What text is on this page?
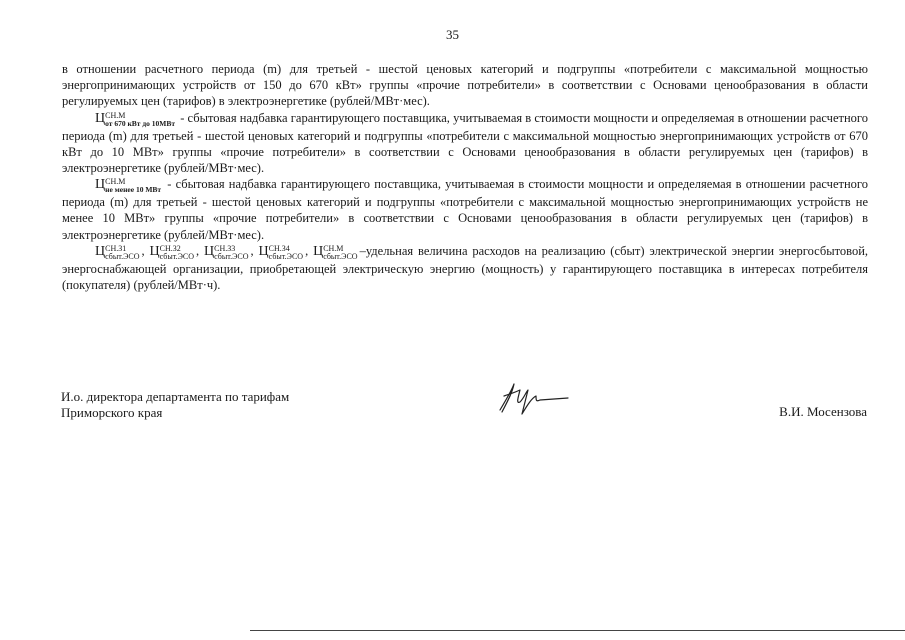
35

в отношении расчетного периода (m) для третьей - шестой ценовых категорий и подгруппы «потребители с максимальной мощностью энергопринимающих устройств от 150 до 670 кВт» группы «прочие потребители» в соответствии с Основами ценообразования в области регулируемых цен (тарифов) в электроэнергетике (рублей/МВт·мес).

Ц СН.М
от 670 кВт до 10МВт - сбытовая надбавка гарантирующего поставщика, учитываемая в стоимости мощности и определяемая в отношении расчетного периода (m) для третьей - шестой ценовых категорий и подгруппы «потребители с максимальной мощностью энергопринимающих устройств от 670 кВт до 10 МВт» группы «прочие потребители» в соответствии с Основами ценообразования в области регулируемых цен (тарифов) в электроэнергетике (рублей/МВт·мес).

Ц СН.М
не менее 10 МВт - сбытовая надбавка гарантирующего поставщика, учитываемая в стоимости мощности и определяемая в отношении расчетного периода (m) для третьей - шестой ценовых категорий и подгруппы «потребители с максимальной мощностью энергопринимающих устройств не менее 10 МВт» группы «прочие потребители» в соответствии с Основами ценообразования в области регулируемых цен (тарифов) в электроэнергетике (рублей/МВт·мес).

Ц СН.З1
сбыт.ЭСО , Ц СН.З2
сбыт.ЭСО , Ц СН.З3
сбыт.ЭСО , Ц СН.З4
сбыт.ЭСО , Ц СН.М
сбыт.ЭСО –удельная величина расходов на реализацию (сбыт) электрической энергии энергосбытовой, энергоснабжающей организации, приобретающей электрическую энергию (мощность) у гарантирующего поставщика в интересах потребителя (покупателя) (рублей/МВт·ч).

И.о. директора департамента по тарифам

Приморского края	В.И. Мосензова
